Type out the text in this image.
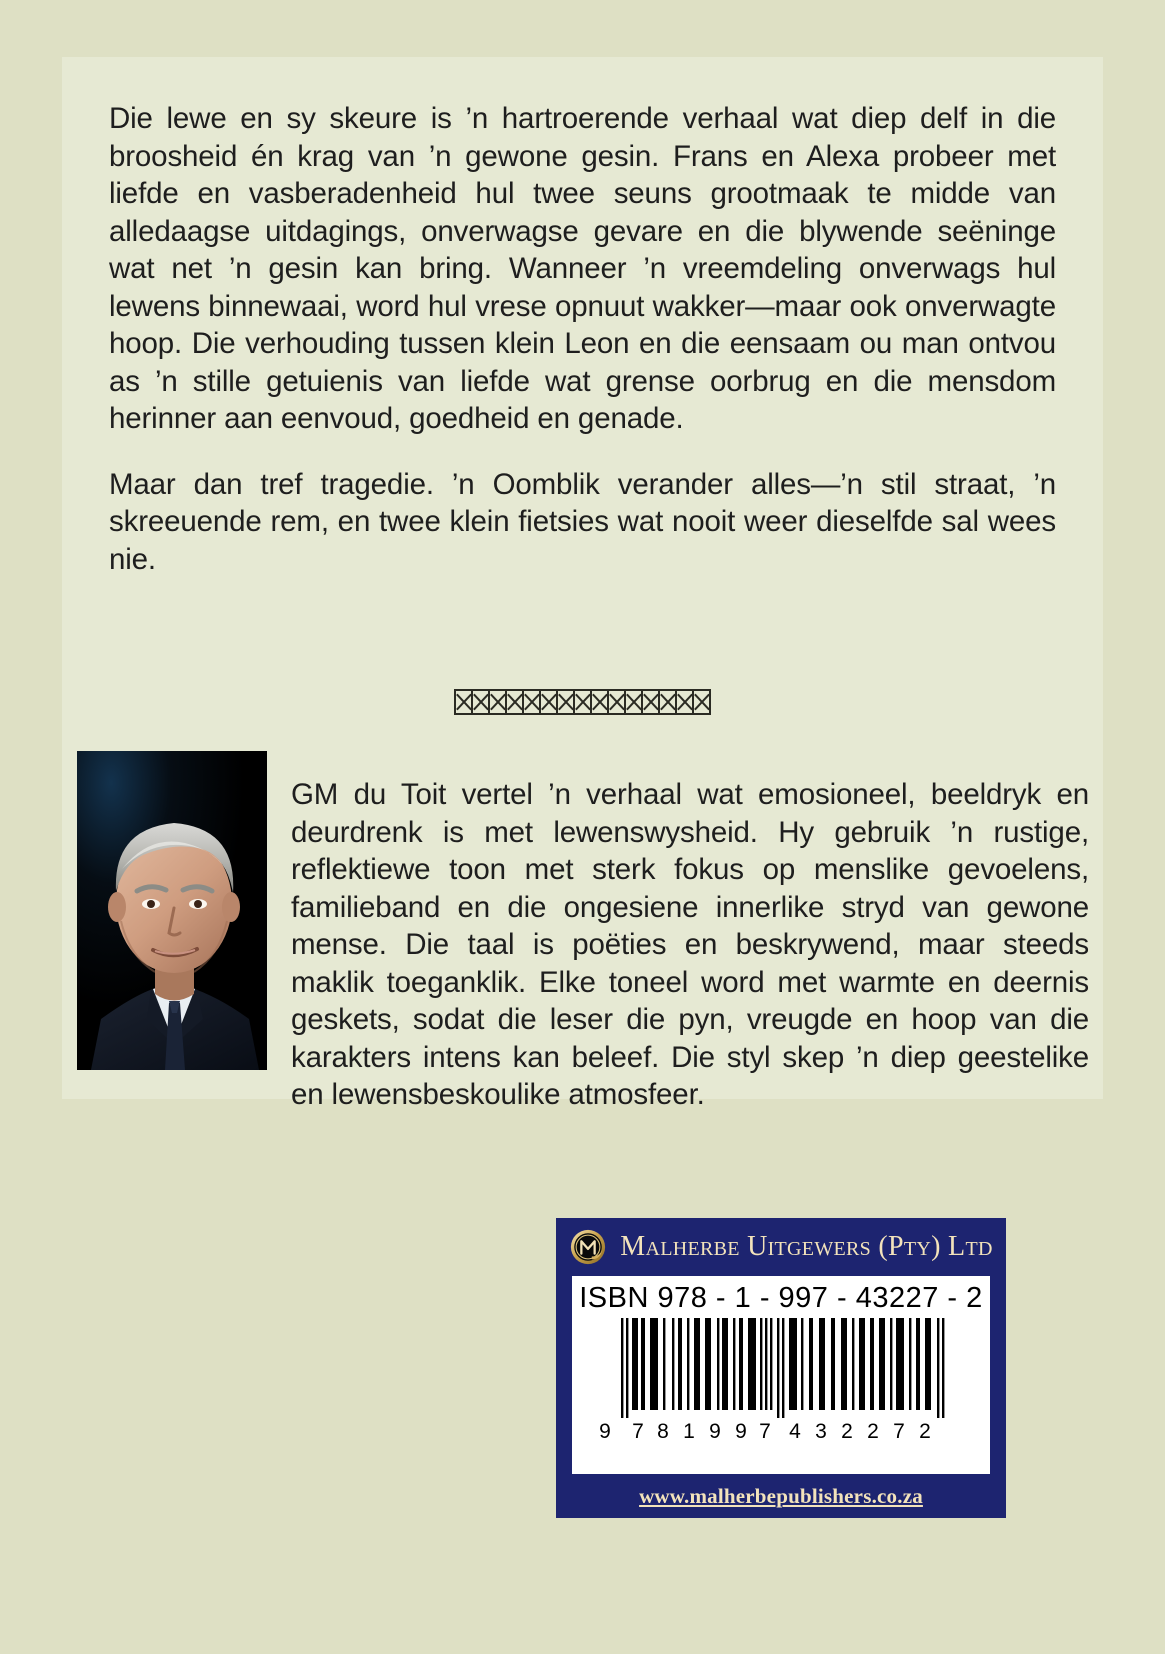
Die lewe en sy skeure is ’n hartroerende verhaal wat diep delf in die broosheid én krag van ’n gewone gesin. Frans en Alexa probeer met liefde en vasberadenheid hul twee seuns grootmaak te midde van alledaagse uitdagings, onverwagse gevare en die blywende seëninge wat net ’n gesin kan bring. Wanneer ’n vreemdeling onverwags hul lewens binnewaai, word hul vrese opnuut wakker—maar ook onverwagte hoop. Die verhouding tussen klein Leon en die eensaam ou man ontvou as ’n stille getuienis van liefde wat grense oorbrug en die mensdom herinner aan eenvoud, goedheid en genade.

Maar dan tref tragedie. ’n Oomblik verander alles—’n stil straat, ’n skreeuende rem, en twee klein fietsies wat nooit weer dieselfde sal wees nie.

GM du Toit vertel ’n verhaal wat emosioneel, beeldryk en deurdrenk is met lewenswysheid. Hy gebruik ’n rustige, reflektiewe toon met sterk fokus op menslike gevoelens, familieband en die ongesiene innerlike stryd van gewone mense. Die taal is poëties en beskrywend, maar steeds maklik toeganklik. Elke toneel word met warmte en deernis geskets, sodat die leser die pyn, vreugde en hoop van die karakters intens kan beleef. Die styl skep ’n diep geestelike en lewensbeskoulike atmosfeer.
Malherbe Uitgewers (Pty) Ltd
ISBN 978 - 1 - 997 - 43227 - 2
9 7 8 1 9 9 7 4 3 2 2 7 2
www.malherbepublishers.co.za
